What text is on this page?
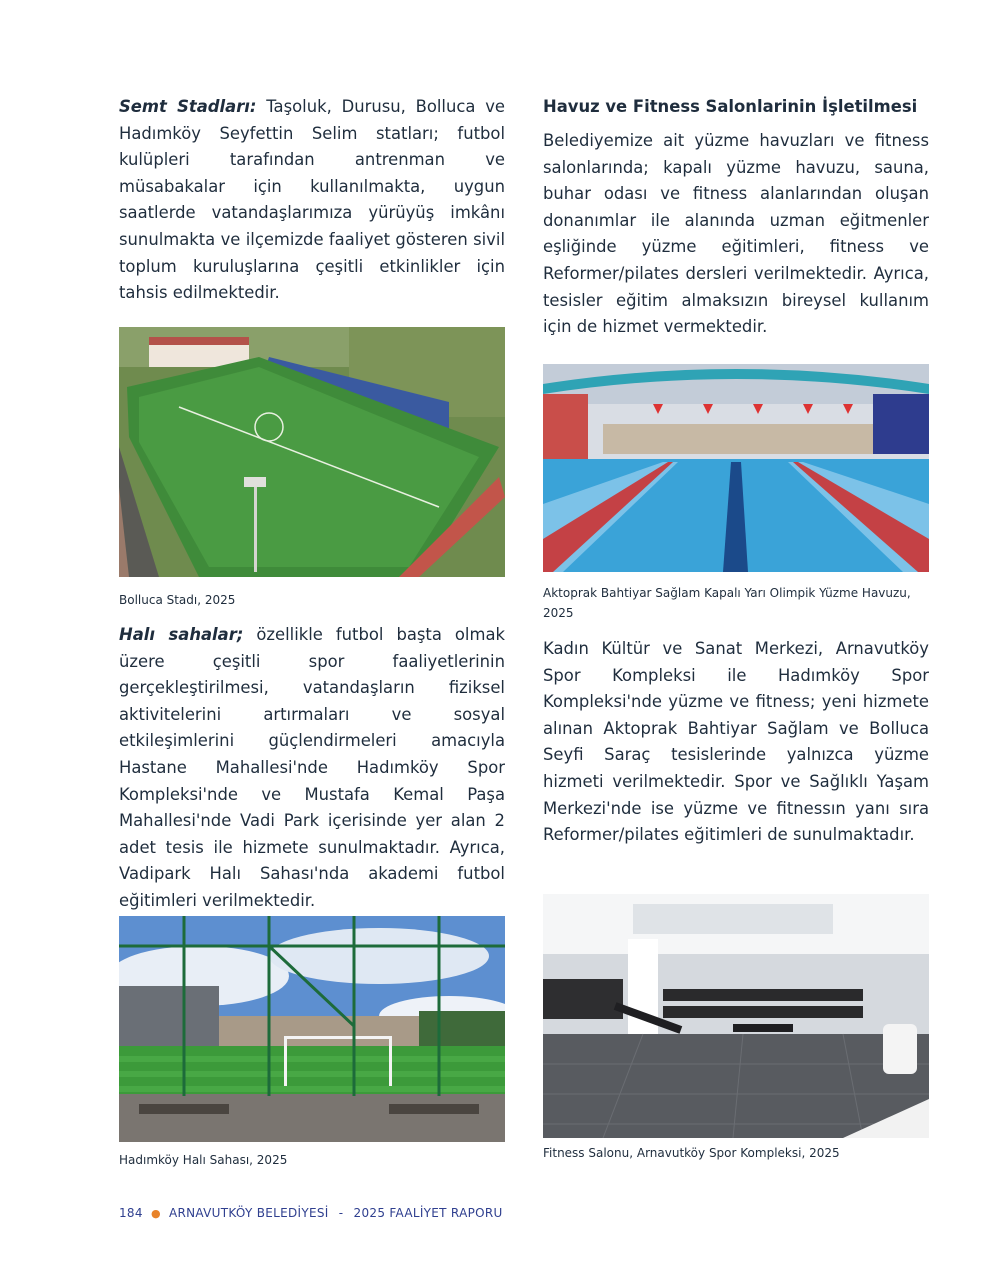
Semt Stadları: Taşoluk, Durusu, Bolluca ve Hadımköy Seyfettin Selim statları; futbol kulüpleri tarafından antrenman ve müsabakalar için kullanılmakta, uygun saatlerde vatandaşlarımıza yürüyüş imkânı sunulmakta ve ilçemizde faaliyet gösteren sivil toplum kuruluşlarına çeşitli etkinlikler için tahsis edilmektedir.

Bolluca Stadı, 2025

Halı sahalar; özellikle futbol başta olmak üzere çeşitli spor faaliyetlerinin gerçekleştirilmesi, vatandaşların fiziksel aktivitelerini artırmaları ve sosyal etkileşimlerini güçlendirmeleri amacıyla Hastane Mahallesi'nde Hadımköy Spor Kompleksi'nde ve Mustafa Kemal Paşa Mahallesi'nde Vadi Park içerisinde yer alan 2 adet tesis ile hizmete sunulmaktadır. Ayrıca, Vadipark Halı Sahası'nda akademi futbol eğitimleri verilmektedir.

Hadımköy Halı Sahası, 2025
Havuz ve Fitness Salonlarinin İşletilmesi

Belediyemize ait yüzme havuzları ve fitness salonlarında; kapalı yüzme havuzu, sauna, buhar odası ve fitness alanlarından oluşan donanımlar ile alanında uzman eğitmenler eşliğinde yüzme eğitimleri, fitness ve Reformer/pilates dersleri verilmektedir. Ayrıca, tesisler eğitim almaksızın bireysel kullanım için de hizmet vermektedir.

Aktoprak Bahtiyar Sağlam Kapalı Yarı Olimpik Yüzme Havuzu, 2025

Kadın Kültür ve Sanat Merkezi, Arnavutköy Spor Kompleksi ile Hadımköy Spor Kompleksi'nde yüzme ve fitness; yeni hizmete alınan Aktoprak Bahtiyar Sağlam ve Bolluca Seyfi Saraç tesislerinde yalnızca yüzme hizmeti verilmektedir. Spor ve Sağlıklı Yaşam Merkezi'nde ise yüzme ve fitnessın yanı sıra Reformer/pilates eğitimleri de sunulmaktadır.

Fitness Salonu, Arnavutköy Spor Kompleksi, 2025
184 ● ARNAVUTKÖY BELEDİYESİ - 2025 FAALİYET RAPORU
